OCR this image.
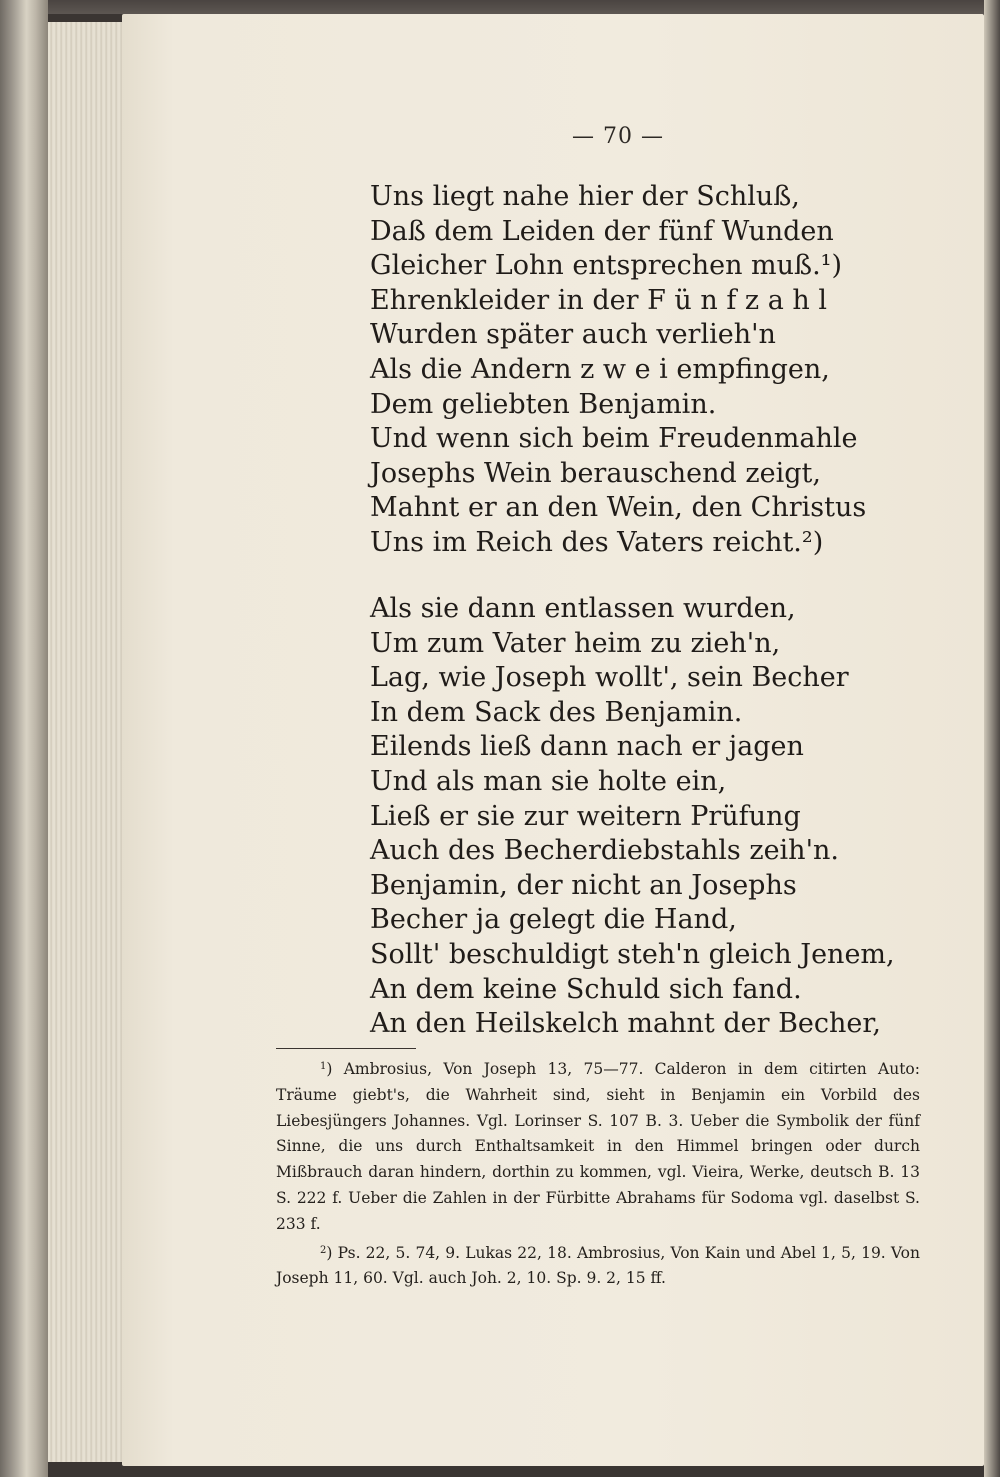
— 70 —
Uns liegt nahe hier der Schluß,
Daß dem Leiden der fünf Wunden
Gleicher Lohn entsprechen muß.¹)
Ehrenkleider in der F ü n f z a h l
Wurden später auch verlieh'n
Als die Andern z w e i empfingen,
Dem geliebten Benjamin.
Und wenn sich beim Freudenmahle
Josephs Wein berauschend zeigt,
Mahnt er an den Wein, den Christus
Uns im Reich des Vaters reicht.²)
Als sie dann entlassen wurden,
Um zum Vater heim zu zieh'n,
Lag, wie Joseph wollt', sein Becher
In dem Sack des Benjamin.
Eilends ließ dann nach er jagen
Und als man sie holte ein,
Ließ er sie zur weitern Prüfung
Auch des Becherdiebstahls zeih'n.
Benjamin, der nicht an Josephs
Becher ja gelegt die Hand,
Sollt' beschuldigt steh'n gleich Jenem,
An dem keine Schuld sich fand.
An den Heilskelch mahnt der Becher,

$^1$) Ambrosius, Von Joseph 13, 75—77. Calderon in dem citirten Auto: Träume giebt's, die Wahrheit sind, sieht in Benjamin ein Vorbild des Liebesjüngers Johannes. Vgl. Lorinser S. 107 B. 3. Ueber die Symbolik der fünf Sinne, die uns durch Enthaltsamkeit in den Himmel bringen oder durch Mißbrauch daran hindern, dorthin zu kommen, vgl. Vieira, Werke, deutsch B. 13 S. 222 f. Ueber die Zahlen in der Fürbitte Abrahams für Sodoma vgl. daselbst S. 233 f.

$^2$) Ps. 22, 5. 74, 9. Lukas 22, 18. Ambrosius, Von Kain und Abel 1, 5, 19. Von Joseph 11, 60. Vgl. auch Joh. 2, 10. Sp. 9. 2, 15 ff.
